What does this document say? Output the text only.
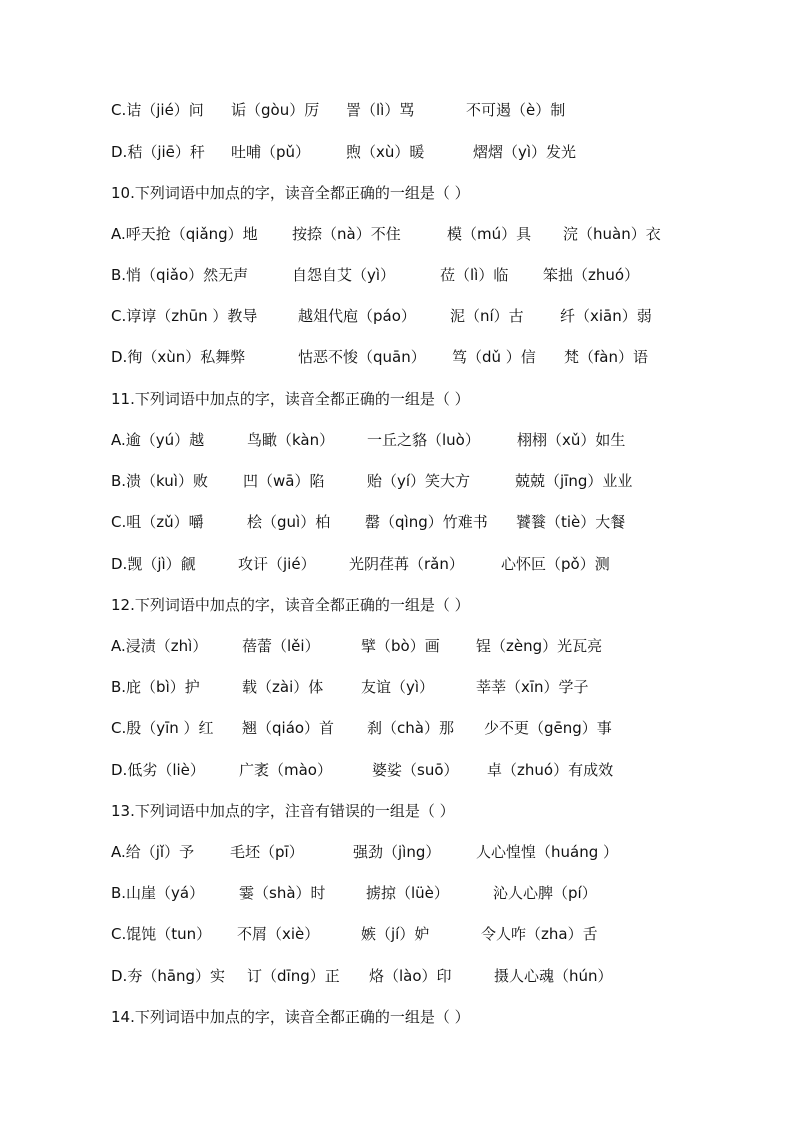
C.诘（jié）问 诟（gòu）厉 詈（lì）骂	不可遏（è）制
D.秸（jiē）秆 吐哺（pǔ） 煦（xù）暖	熠熠（yì）发光
10.下列词语中加点的字，读音全都正确的一组是（ ）
A.呼天抢（qiǎng）地 按捺（nà）不住	模（mú）具 浣（huàn）衣
B.悄（qiǎo）然无声	自怨自艾（yì）	莅（lì）临 笨拙（zhuó）
C.谆谆（zhūn ）教导	越俎代庖（páo） 泥（ní）古 纤（xiān）弱
D.徇（xùn）私舞弊	怙恶不悛（quān） 笃（dǔ ）信 梵（fàn）语
11.下列词语中加点的字，读音全都正确的一组是（ ）
A.逾（yú）越	鸟瞰（kàn） 一丘之貉（luò） 栩栩（xǔ）如生
B.溃（kuì）败 凹（wā）陷	贻（yí）笑大方	兢兢（jīng）业业
C.咀（zǔ）嚼	桧（guì）柏 罄（qìng）竹难书 饕餮（tiè）大餐
D.觊（jì）觎	攻讦（jié） 光阴荏苒（rǎn） 心怀叵（pǒ）测
12.下列词语中加点的字，读音全都正确的一组是（ ）
A.浸渍（zhì） 蓓蕾（lěi）	擘（bò）画 锃（zèng）光瓦亮
B.庇（bì）护	载（zài）体	友谊（yì）	莘莘（xīn）学子
C.殷（yīn ）红 翘（qiáo）首 刹（chà）那 少不更（gēng）事
D.低劣（liè） 广袤（mào）	婆娑（suō） 卓（zhuó）有成效
13.下列词语中加点的字，注音有错误的一组是（ ）
A.给（jǐ）予 毛坯（pī）	强劲（jìng） 人心惶惶（huáng ）
B.山崖（yá） 霎（shà）时	掳掠（lüè）	沁人心脾（pí）
C.馄饨（tun） 不屑（xiè）	嫉（jí）妒	令人咋（zha）舌
D.夯（hāng）实 订（dīng）正 烙（lào）印	摄人心魂（hún）
14.下列词语中加点的字，读音全都正确的一组是（ ）
